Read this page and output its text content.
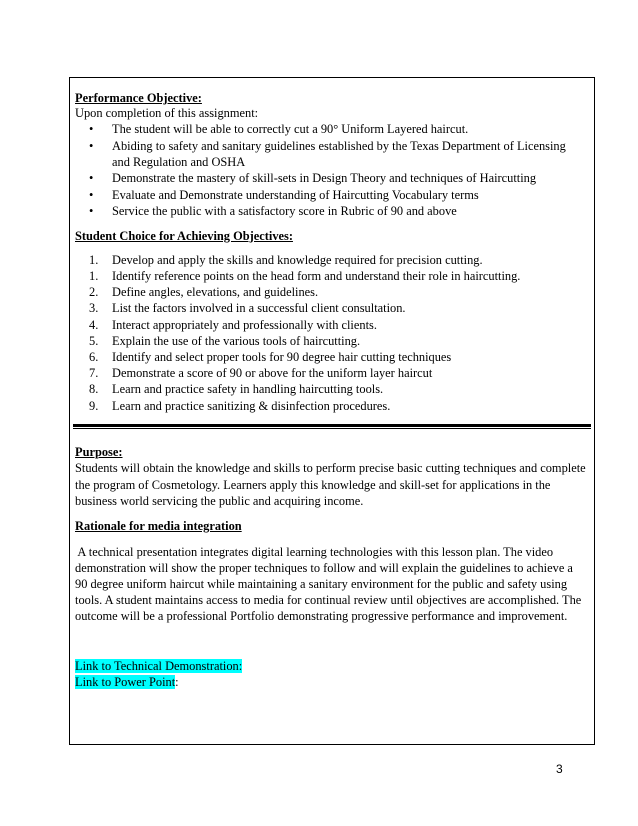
Performance Objective:
Upon completion of this assignment:
• The student will be able to correctly cut a 90° Uniform Layered haircut.
• Abiding to safety and sanitary guidelines established by the Texas Department of Licensing
and Regulation and OSHA
• Demonstrate the mastery of skill-sets in Design Theory and techniques of Haircutting
• Evaluate and Demonstrate understanding of Haircutting Vocabulary terms
• Service the public with a satisfactory score in Rubric of 90 and above
Student Choice for Achieving Objectives:
1. Develop and apply the skills and knowledge required for precision cutting.
1. Identify reference points on the head form and understand their role in haircutting.
2. Define angles, elevations, and guidelines.
3. List the factors involved in a successful client consultation.
4. Interact appropriately and professionally with clients.
5. Explain the use of the various tools of haircutting.
6. Identify and select proper tools for 90 degree hair cutting techniques
7. Demonstrate a score of 90 or above for the uniform layer haircut
8. Learn and practice safety in handling haircutting tools.
9. Learn and practice sanitizing & disinfection procedures.
Purpose:
Students will obtain the knowledge and skills to perform precise basic cutting techniques and complete
the program of Cosmetology. Learners apply this knowledge and skill-set for applications in the
business world servicing the public and acquiring income.
Rationale for media integration
A technical presentation integrates digital learning technologies with this lesson plan. The video
demonstration will show the proper techniques to follow and will explain the guidelines to achieve a
90 degree uniform haircut while maintaining a sanitary environment for the public and safety using
tools. A student maintains access to media for continual review until objectives are accomplished. The
outcome will be a professional Portfolio demonstrating progressive performance and improvement.
Link to Technical Demonstration:
Link to Power Point:
3
